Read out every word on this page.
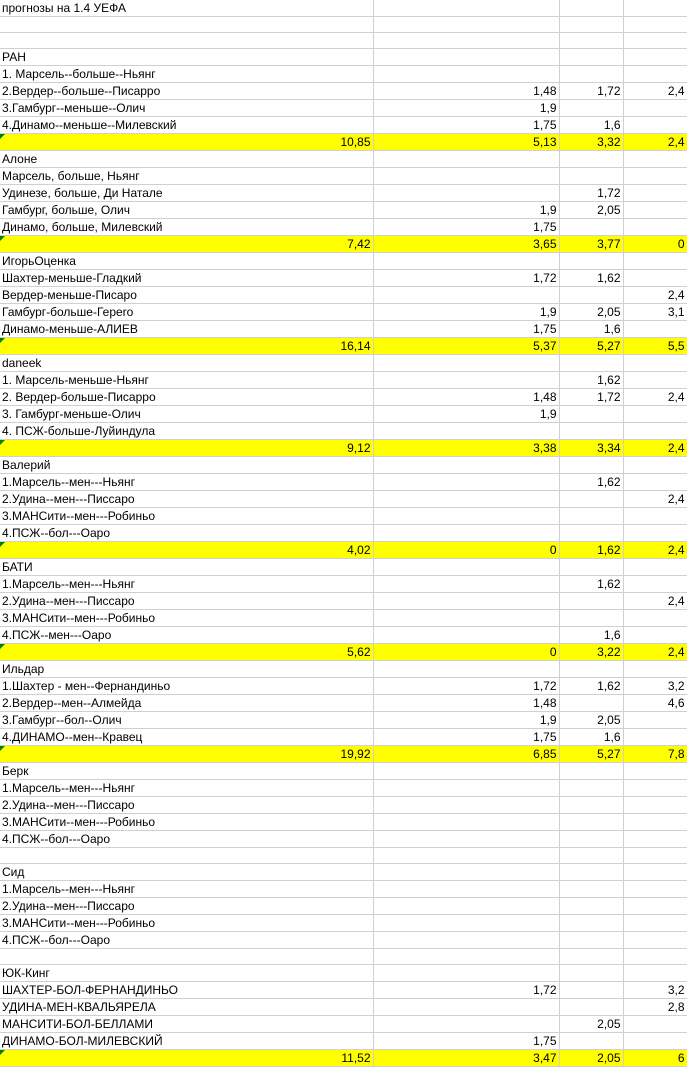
прогнозы на 1.4 УЕФА			

РАН			
1. Марсель--больше--Ньянг			
2.Вердер--больше--Писарро	1,48	1,72	2,4
3.Гамбург--меньше--Олич	1,9		
4.Динамо--меньше--Милевский	1,75	1,6	
10,85	5,13	3,32	2,4
Алоне			
Марсель, больше, Ньянг			
Удинезе, больше, Ди Натале		1,72	
Гамбург, больше, Олич	1,9	2,05	
Динамо, больше, Милевский	1,75		
7,42	3,65	3,77	0
ИгорьОценка			
Шахтер-меньше-Гладкий	1,72	1,62	
Вердер-меньше-Писаро			2,4
Гамбург-больше-Герero	1,9	2,05	3,1
Динамо-меньше-АЛИЕВ	1,75	1,6	
16,14	5,37	5,27	5,5
daneek			
1. Марсель-меньше-Ньянг		1,62	
2. Вердер-больше-Писарро	1,48	1,72	2,4
3. Гамбург-меньше-Олич	1,9		
4. ПСЖ-больше-Луйиндула			
9,12	3,38	3,34	2,4
Валерий			
1.Марсель--мен---Ньянг		1,62	
2.Удина--мен---Писсаро			2,4
3.МАНСити--мен---Робиньо			
4.ПСЖ--бол---Оаро			
4,02	0	1,62	2,4
БАТИ			
1.Марсель--мен---Ньянг		1,62	
2.Удина--мен---Писсаро			2,4
3.МАНСити--мен---Робиньо			
4.ПСЖ--мен---Оаро		1,6	
5,62	0	3,22	2,4
Ильдар			
1.Шахтер - мен--Фернандиньо	1,72	1,62	3,2
2.Вердер--мен--Алмейда	1,48		4,6
3.Гамбург--бол--Олич	1,9	2,05	
4.ДИНАМО--мен--Кравец	1,75	1,6	
19,92	6,85	5,27	7,8
Берк			
1.Марсель--мен---Ньянг			
2.Удина--мен---Писсаро			
3.МАНСити--мен---Робиньо			
4.ПСЖ--бол---Оаро			

Сид			
1.Марсель--мен---Ньянг			
2.Удина--мен---Писсаро			
3.МАНСити--мен---Робиньо			
4.ПСЖ--бол---Оаро			

ЮК-Кинг			
ШАХТЕР-БОЛ-ФЕРНАНДИНЬО	1,72		3,2
УДИНА-МЕН-КВАЛЬЯРЕЛА			2,8
МАНСИТИ-БОЛ-БЕЛЛАМИ		2,05	
ДИНАМО-БОЛ-МИЛЕВСКИЙ	1,75		
11,52	3,47	2,05	6
